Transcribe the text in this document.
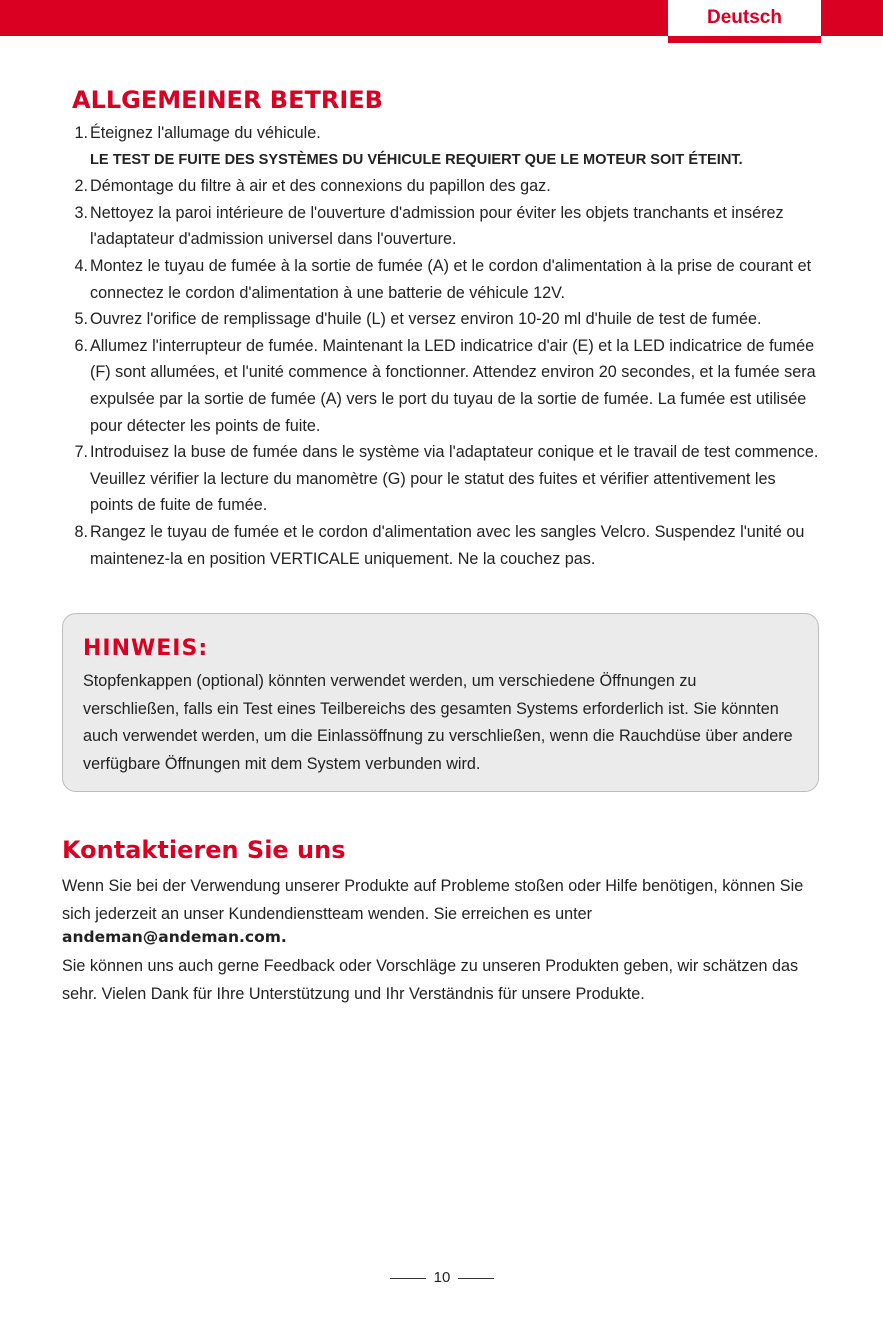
Deutsch
ALLGEMEINER BETRIEB
1. Éteignez l'allumage du véhicule.
LE TEST DE FUITE DES SYSTÈMES DU VÉHICULE REQUIERT QUE LE MOTEUR SOIT ÉTEINT.
2. Démontage du filtre à air et des connexions du papillon des gaz.
3. Nettoyez la paroi intérieure de l'ouverture d'admission pour éviter les objets tranchants et insérez l'adaptateur d'admission universel dans l'ouverture.
4. Montez le tuyau de fumée à la sortie de fumée (A) et le cordon d'alimentation à la prise de courant et connectez le cordon d'alimentation à une batterie de véhicule 12V.
5. Ouvrez l'orifice de remplissage d'huile (L) et versez environ 10-20 ml d'huile de test de fumée.
6. Allumez l'interrupteur de fumée. Maintenant la LED indicatrice d'air (E) et la LED indicatrice de fumée (F) sont allumées, et l'unité commence à fonctionner. Attendez environ 20 secondes, et la fumée sera expulsée par la sortie de fumée (A) vers le port du tuyau de la sortie de fumée. La fumée est utilisée pour détecter les points de fuite.
7. Introduisez la buse de fumée dans le système via l'adaptateur conique et le travail de test commence. Veuillez vérifier la lecture du manomètre (G) pour le statut des fuites et vérifier attentivement les points de fuite de fumée.
8. Rangez le tuyau de fumée et le cordon d'alimentation avec les sangles Velcro. Suspendez l'unité ou maintenez-la en position VERTICALE uniquement. Ne la couchez pas.
HINWEIS:

Stopfenkappen (optional) könnten verwendet werden, um verschiedene Öffnungen zu verschließen, falls ein Test eines Teilbereichs des gesamten Systems erforderlich ist. Sie könnten auch verwendet werden, um die Einlassöffnung zu verschließen, wenn die Rauchdüse über andere verfügbare Öffnungen mit dem System verbunden wird.

Kontaktieren Sie uns

Wenn Sie bei der Verwendung unserer Produkte auf Probleme stoßen oder Hilfe benötigen, können Sie sich jederzeit an unser Kundendienstteam wenden. Sie erreichen es unter

andeman@andeman.com.

Sie können uns auch gerne Feedback oder Vorschläge zu unseren Produkten geben, wir schätzen das sehr. Vielen Dank für Ihre Unterstützung und Ihr Verständnis für unsere Produkte.

10
